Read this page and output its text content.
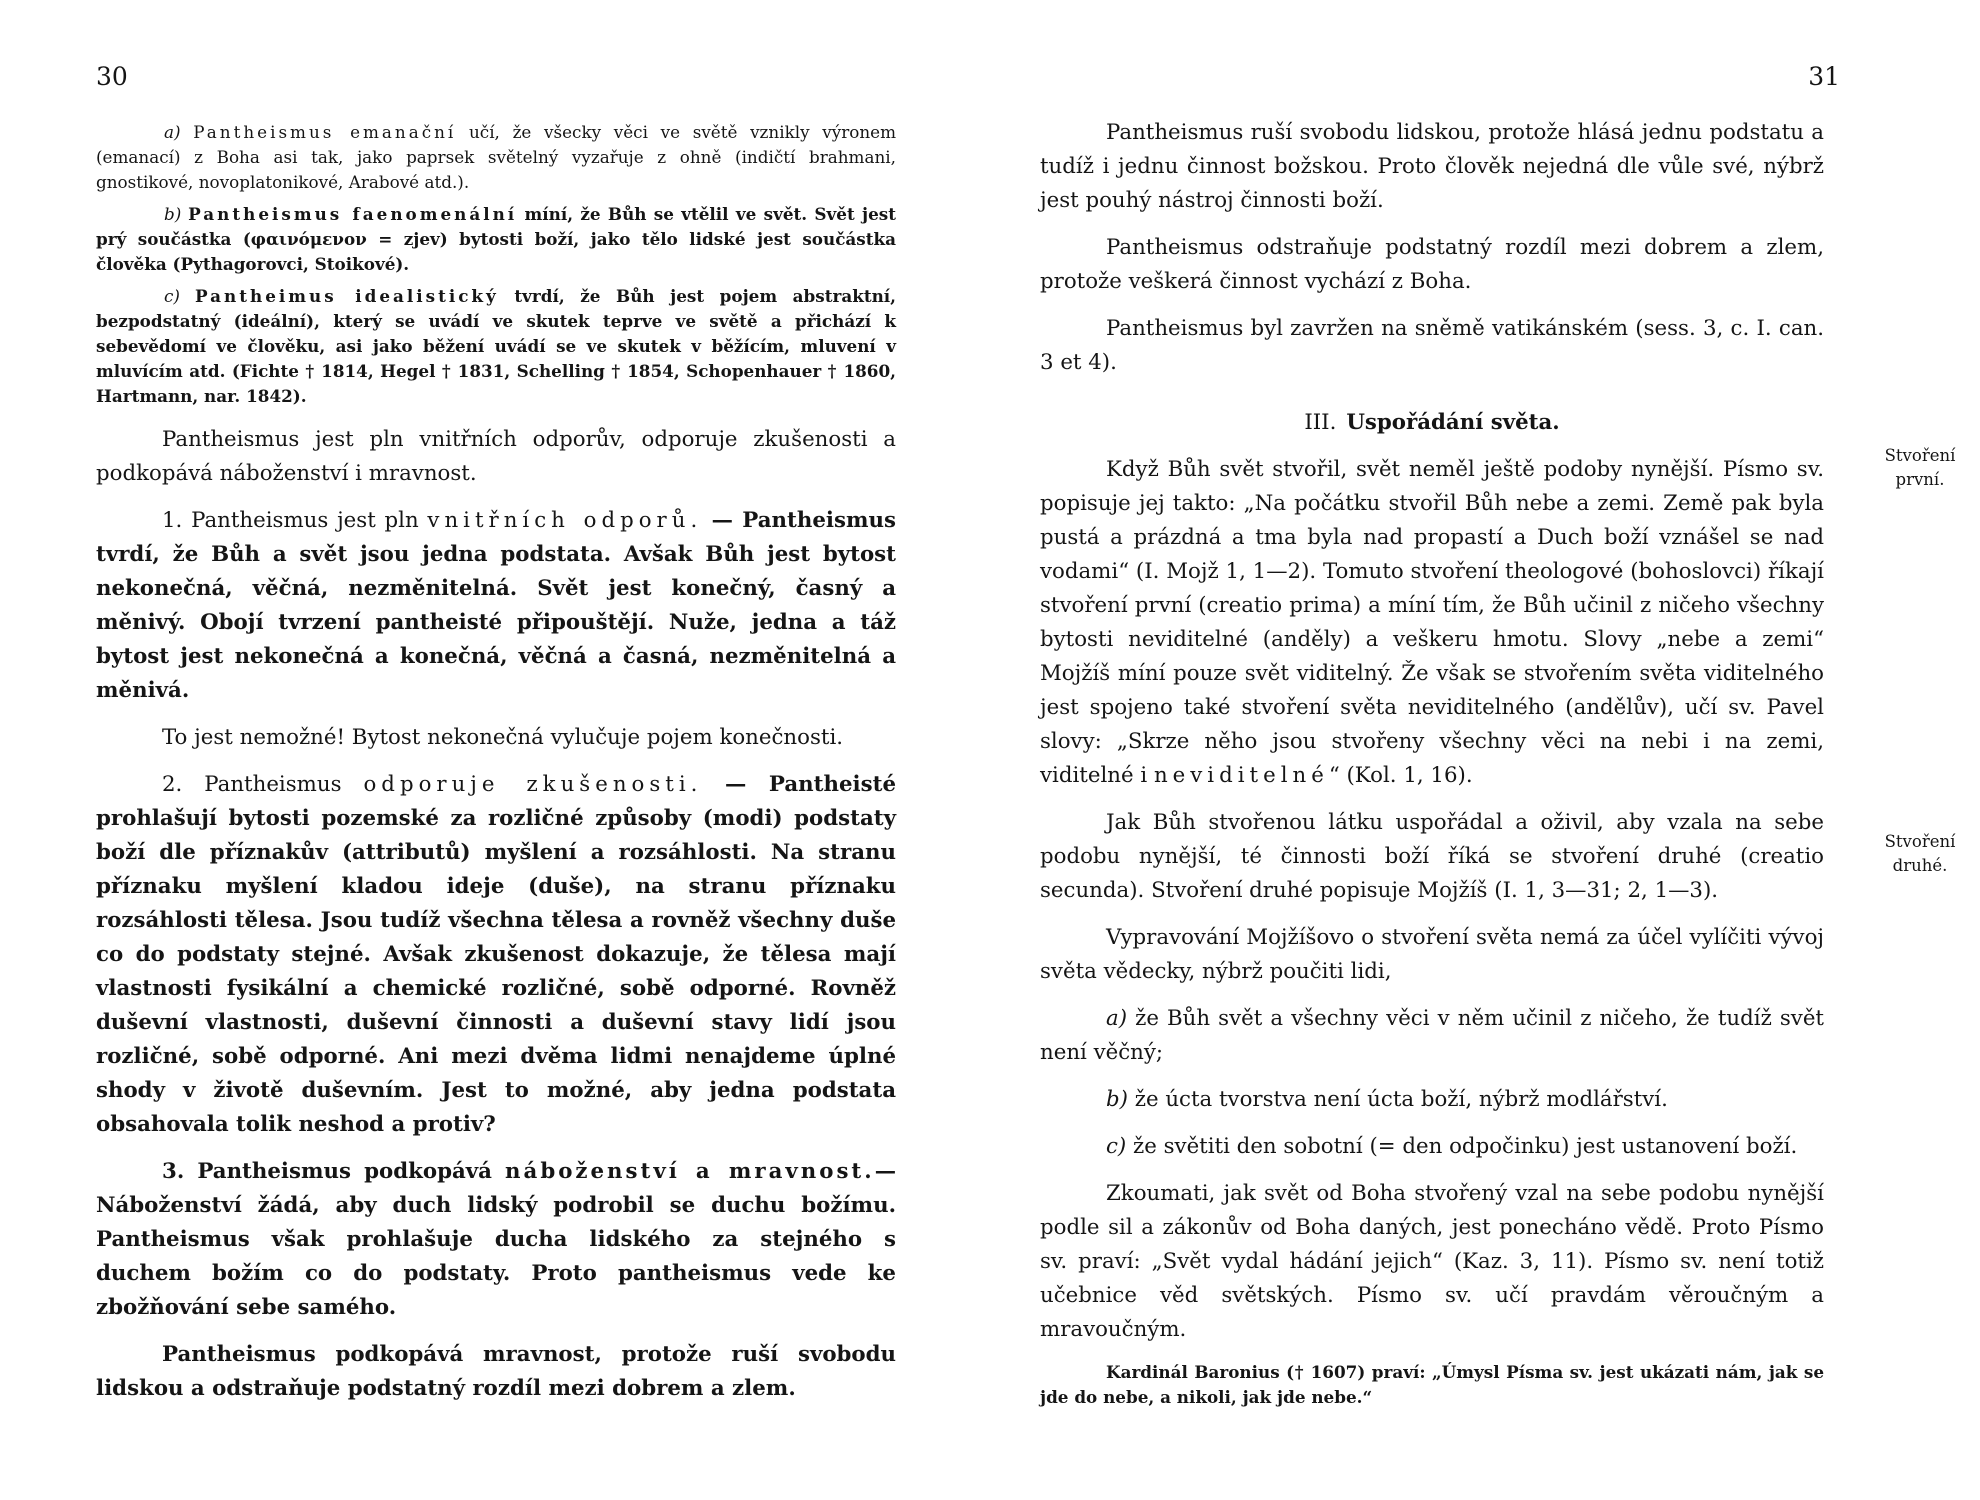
30

a) Pantheismus emanační učí, že všecky věci ve světě vznikly výronem (emanací) z Boha asi tak, jako paprsek světelný vyzařuje z ohně (indičtí brahmani, gnostikové, novoplatonikové, Arabové atd.).

b) Pantheismus faenomenální míní, že Bůh se vtělil ve svět. Svět jest prý součástka (φαινόμενον = zjev) bytosti boží, jako tělo lidské jest součástka člověka (Pythagorovci, Stoikové).

c) Pantheimus idealistický tvrdí, že Bůh jest pojem abstraktní, bezpodstatný (ideální), který se uvádí ve skutek teprve ve světě a přichází k sebevědomí ve člověku, asi jako běžení uvádí se ve skutek v běžícím, mluvení v mluvícím atd. (Fichte † 1814, Hegel † 1831, Schelling † 1854, Schopenhauer † 1860, Hartmann, nar. 1842).

Pantheismus jest pln vnitřních odporův, odporuje zkušenosti a podkopává náboženství i mravnost.

1. Pantheismus jest pln vnitřních odporů. — Pantheismus tvrdí, že Bůh a svět jsou jedna podstata. Avšak Bůh jest bytost nekonečná, věčná, nezměnitelná. Svět jest konečný, časný a měnivý. Obojí tvrzení pantheisté připouštějí. Nuže, jedna a táž bytost jest nekonečná a konečná, věčná a časná, nezměnitelná a měnivá.

To jest nemožné! Bytost nekonečná vylučuje pojem konečnosti.

2. Pantheismus odporuje zkušenosti. — Pantheisté prohlašují bytosti pozemské za rozličné způsoby (modi) podstaty boží dle příznakův (attributů) myšlení a rozsáhlosti. Na stranu příznaku myšlení kladou ideje (duše), na stranu příznaku rozsáhlosti tělesa. Jsou tudíž všechna tělesa a rovněž všechny duše co do podstaty stejné. Avšak zkušenost dokazuje, že tělesa mají vlastnosti fysikální a chemické rozličné, sobě odporné. Rovněž duševní vlastnosti, duševní činnosti a duševní stavy lidí jsou rozličné, sobě odporné. Ani mezi dvěma lidmi nenajdeme úplné shody v životě duševním. Jest to možné, aby jedna podstata obsahovala tolik neshod a protiv?

3. Pantheismus podkopává náboženství a mravnost.— Náboženství žádá, aby duch lidský podrobil se duchu božímu. Pantheismus však prohlašuje ducha lidského za stejného s duchem božím co do podstaty. Proto pantheismus vede ke zbožňování sebe samého.

Pantheismus podkopává mravnost, protože ruší svobodu lidskou a odstraňuje podstatný rozdíl mezi dobrem a zlem.

31

Pantheismus ruší svobodu lidskou, protože hlásá jednu podstatu a tudíž i jednu činnost božskou. Proto člověk nejedná dle vůle své, nýbrž jest pouhý nástroj činnosti boží.

Pantheismus odstraňuje podstatný rozdíl mezi dobrem a zlem, protože veškerá činnost vychází z Boha.

Pantheismus byl zavržen na sněmě vatikánském (sess. 3, c. I. can. 3 et 4).

III. Uspořádání světa.

Když Bůh svět stvořil, svět neměl ještě podoby nynější. Písmo sv. popisuje jej takto: „Na počátku stvořil Bůh nebe a zemi. Země pak byla pustá a prázdná a tma byla nad propastí a Duch boží vznášel se nad vodami“ (I. Mojž 1, 1—2). Tomuto stvoření theologové (bohoslovci) říkají stvoření první (creatio prima) a míní tím, že Bůh učinil z ničeho všechny bytosti neviditelné (anděly) a veškeru hmotu. Slovy „nebe a zemi“ Mojžíš míní pouze svět viditelný. Že však se stvořením světa viditelného jest spojeno také stvoření světa neviditelného (andělův), učí sv. Pavel slovy: „Skrze něho jsou stvořeny všechny věci na nebi i na zemi, viditelné i neviditelné“ (Kol. 1, 16).

Jak Bůh stvořenou látku uspořádal a oživil, aby vzala na sebe podobu nynější, té činnosti boží říká se stvoření druhé (creatio secunda). Stvoření druhé popisuje Mojžíš (I. 1, 3—31; 2, 1—3).

Vypravování Mojžíšovo o stvoření světa nemá za účel vylíčiti vývoj světa vědecky, nýbrž poučiti lidi,

a) že Bůh svět a všechny věci v něm učinil z ničeho, že tudíž svět není věčný;

b) že úcta tvorstva není úcta boží, nýbrž modlářství.

c) že světiti den sobotní (= den odpočinku) jest ustanovení boží.

Zkoumati, jak svět od Boha stvořený vzal na sebe podobu nynější podle sil a zákonův od Boha daných, jest ponecháno vědě. Proto Písmo sv. praví: „Svět vydal hádání jejich“ (Kaz. 3, 11). Písmo sv. není totiž učebnice věd světských. Písmo sv. učí pravdám věroučným a mravoučným.

Kardinál Baronius († 1607) praví: „Úmysl Písma sv. jest ukázati nám, jak se jde do nebe, a nikoli, jak jde nebe.“

Stvoření první.
Stvoření druhé.
